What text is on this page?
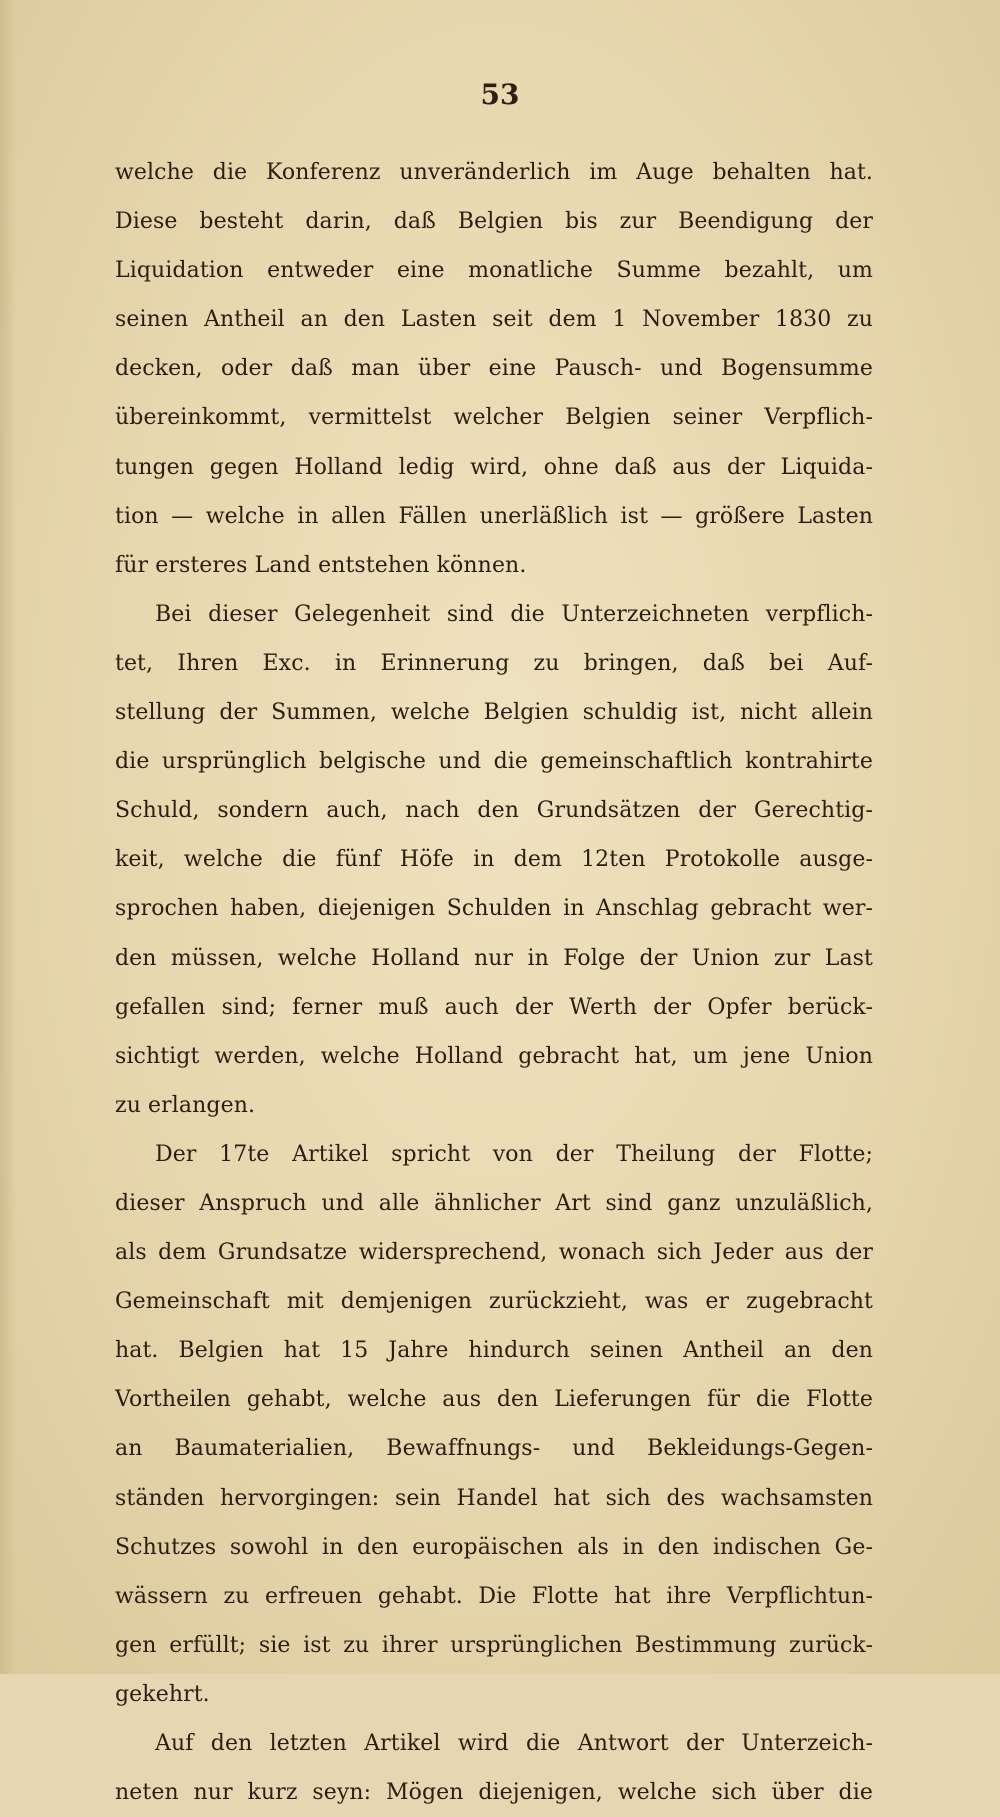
53
welche die Konferenz unveränderlich im Auge behalten hat.
Diese besteht darin, daß Belgien bis zur Beendigung der
Liquidation entweder eine monatliche Summe bezahlt, um
seinen Antheil an den Lasten seit dem 1 November 1830 zu
decken, oder daß man über eine Pausch- und Bogensumme
übereinkommt, vermittelst welcher Belgien seiner Verpflich-
tungen gegen Holland ledig wird, ohne daß aus der Liquida-
tion — welche in allen Fällen unerläßlich ist — größere Lasten
für ersteres Land entstehen können.
Bei dieser Gelegenheit sind die Unterzeichneten verpflich-
tet, Ihren Exc. in Erinnerung zu bringen, daß bei Auf-
stellung der Summen, welche Belgien schuldig ist, nicht allein
die ursprünglich belgische und die gemeinschaftlich kontrahirte
Schuld, sondern auch, nach den Grundsätzen der Gerechtig-
keit, welche die fünf Höfe in dem 12ten Protokolle ausge-
sprochen haben, diejenigen Schulden in Anschlag gebracht wer-
den müssen, welche Holland nur in Folge der Union zur Last
gefallen sind; ferner muß auch der Werth der Opfer berück-
sichtigt werden, welche Holland gebracht hat, um jene Union
zu erlangen.
Der 17te Artikel spricht von der Theilung der Flotte;
dieser Anspruch und alle ähnlicher Art sind ganz unzuläßlich,
als dem Grundsatze widersprechend, wonach sich Jeder aus der
Gemeinschaft mit demjenigen zurückzieht, was er zugebracht
hat. Belgien hat 15 Jahre hindurch seinen Antheil an den
Vortheilen gehabt, welche aus den Lieferungen für die Flotte
an Baumaterialien, Bewaffnungs- und Bekleidungs-Gegen-
ständen hervorgingen: sein Handel hat sich des wachsamsten
Schutzes sowohl in den europäischen als in den indischen Ge-
wässern zu erfreuen gehabt. Die Flotte hat ihre Verpflichtun-
gen erfüllt; sie ist zu ihrer ursprünglichen Bestimmung zurück-
gekehrt.
Auf den letzten Artikel wird die Antwort der Unterzeich-
neten nur kurz seyn: Mögen diejenigen, welche sich über die
